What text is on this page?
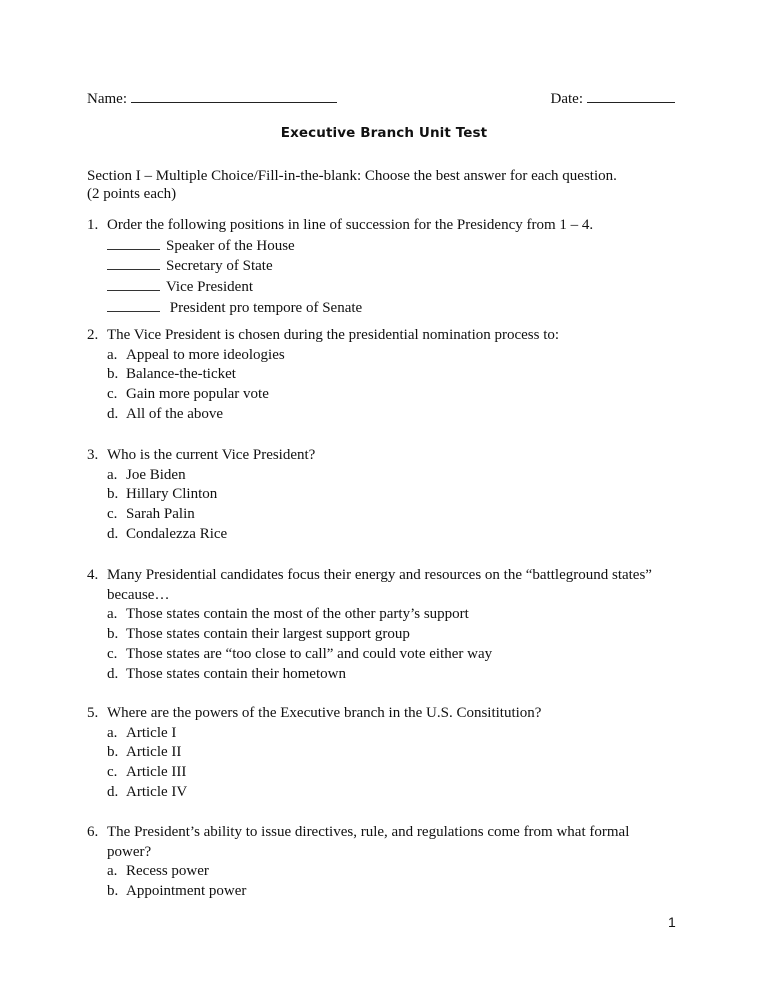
Name:	Date:
Executive Branch Unit Test
Section I – Multiple Choice/Fill-in-the-blank: Choose the best answer for each question.
(2 points each)
1. Order the following positions in line of succession for the Presidency from 1 – 4.
Speaker of the House
Secretary of State
Vice President
President pro tempore of Senate
2. The Vice President is chosen during the presidential nomination process to:
a. Appeal to more ideologies
b. Balance-the-ticket
c. Gain more popular vote
d. All of the above
3. Who is the current Vice President?
a. Joe Biden
b. Hillary Clinton
c. Sarah Palin
d. Condalezza Rice
4. Many Presidential candidates focus their energy and resources on the “battleground states” because…
a. Those states contain the most of the other party’s support
b. Those states contain their largest support group
c. Those states are “too close to call” and could vote either way
d. Those states contain their hometown
5. Where are the powers of the Executive branch in the U.S. Consititution?
a. Article I
b. Article II
c. Article III
d. Article IV
6. The President’s ability to issue directives, rule, and regulations come from what formal power?
a. Recess power
b. Appointment power
1
